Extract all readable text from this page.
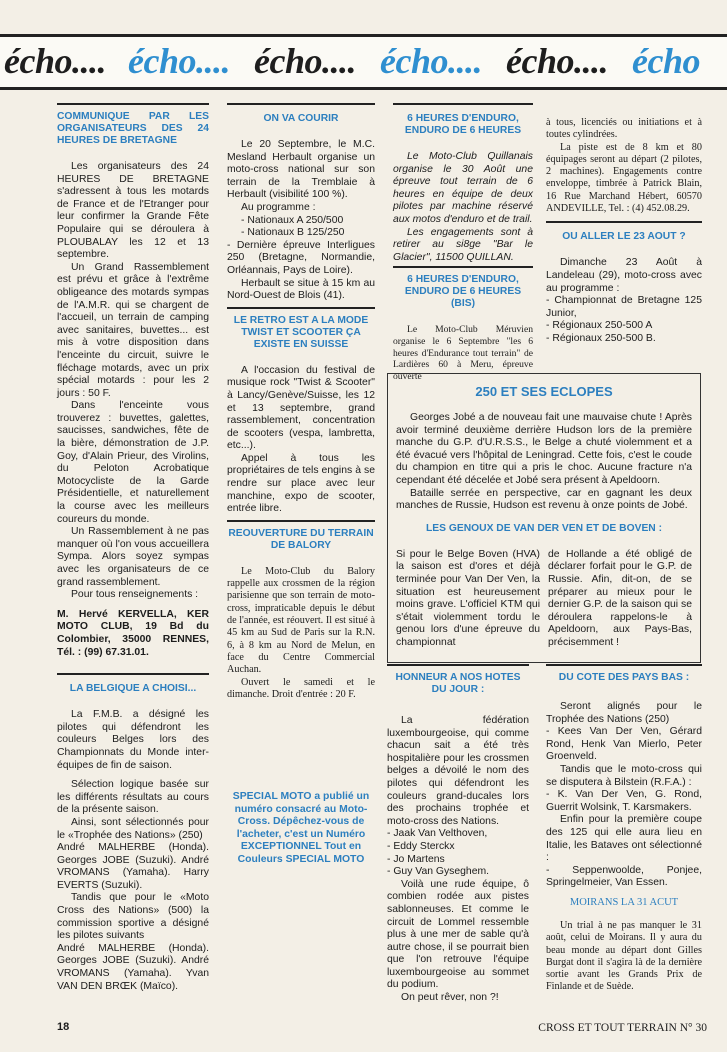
écho.... écho.... écho.... écho.... écho.... écho
COMMUNIQUE PAR LES ORGANISATEURS DES 24 HEURES DE BRETAGNE

Les organisateurs des 24 HEURES DE BRETAGNE s'adressent à tous les motards de France et de l'Etranger pour leur confirmer la Grande Fête Populaire qui se déroulera à PLOUBALAY les 12 et 13 septembre.

Un Grand Rassemblement est prévu et grâce à l'extrême obligeance des motards sympas de l'A.M.R. qui se chargent de l'accueil, un terrain de camping avec sanitaires, buvettes... est mis à votre disposition dans l'enceinte du circuit, suivre le fléchage motards, avec un prix spécial motards : pour les 2 jours : 50 F.

Dans l'enceinte vous trouverez : buvettes, galettes, saucisses, sandwiches, fête de la bière, démonstration de J.P. Goy, d'Alain Prieur, des Virolins, du Peloton Acrobatique Motocycliste de la Garde Présidentielle, et naturellement la course avec les meilleurs coureurs du monde.

Un Rassemblement à ne pas manquer où l'on vous accueillera Sympa. Alors soyez sympas avec les organisateurs de ce grand rassemblement.

Pour tous renseignements :

M. Hervé KERVELLA, KER MOTO CLUB, 19 Bd du Colombier, 35000 RENNES, Tél. : (99) 67.31.01.

LA BELGIQUE A CHOISI...

La F.M.B. a désigné les pilotes qui défendront les couleurs Belges lors des Championnats du Monde inter-équipes de fin de saison.

Sélection logique basée sur les différents résultats au cours de la présente saison.

Ainsi, sont sélectionnés pour le «Trophée des Nations» (250)

André MALHERBE (Honda). Georges JOBE (Suzuki). André VROMANS (Yamaha). Harry EVERTS (Suzuki).

Tandis que pour le «Moto Cross des Nations» (500) la commission sportive a désigné les pilotes suivants

André MALHERBE (Honda). Georges JOBE (Suzuki). André VROMANS (Yamaha). Yvan VAN DEN BRŒK (Maïco).

ON VA COURIR

Le 20 Septembre, le M.C. Mesland Herbault organise un moto-cross national sur son terrain de la Tremblaie à Herbault (visibilité 100 %).

Au programme :

- Nationaux A 250/500

- Nationaux B 125/250

- Dernière épreuve Interligues 250 (Bretagne, Normandie, Orléannais, Pays de Loire).

Herbault se situe à 15 km au Nord-Ouest de Blois (41).

LE RETRO EST A LA MODE TWIST ET SCOOTER ÇA EXISTE EN SUISSE

A l'occasion du festival de musique rock "Twist & Scooter" à Lancy/Genève/Suisse, les 12 et 13 septembre, grand rassemblement, concentration de scooters (vespa, lambretta, etc...).

Appel à tous les propriétaires de tels engins à se rendre sur place avec leur manchine, expo de scooter, entrée libre.

REOUVERTURE DU TERRAIN DE BALORY

Le Moto-Club du Balory rappelle aux crossmen de la région parisienne que son terrain de moto-cross, impraticable depuis le début de l'année, est réouvert. Il est situé à 45 km au Sud de Paris sur la R.N. 6, à 8 km au Nord de Melun, en face du Centre Commercial Auchan.

Ouvert le samedi et le dimanche. Droit d'entrée : 20 F.

SPECIAL MOTO a publié un numéro consacré au Moto-Cross. Dépêchez-vous de l'acheter, c'est un Numéro EXCEPTIONNEL Tout en Couleurs SPECIAL MOTO
6 HEURES D'ENDURO, ENDURO DE 6 HEURES

Le Moto-Club Quillanais organise le 30 Août une épreuve tout terrain de 6 heures en équipe de deux pilotes par machine réservé aux motos d'enduro et de trail.

Les engagements sont à retirer au si8ge "Bar le Glacier", 11500 QUILLAN.

6 HEURES D'ENDURO, ENDURO DE 6 HEURES (BIS)

Le Moto-Club Méruvien organise le 6 Septembre "les 6 heures d'Endurance tout terrain" de Lardières 60 à Meru, épreuve ouverte

à tous, licenciés ou initiations et à toutes cylindrées.

La piste est de 8 km et 80 équipages seront au départ (2 pilotes, 2 machines). Engagements contre enveloppe, timbrée à Patrick Blain, 16 Rue Marchand Hébert, 60570 ANDEVILLE, Tel. : (4) 452.08.29.

OU ALLER LE 23 AOUT ?

Dimanche 23 Août à Landeleau (29), moto-cross avec au programme :

- Championnat de Bretagne 125 Junior,

- Régionaux 250-500 A

- Régionaux 250-500 B.

250 ET SES ECLOPES

Georges Jobé a de nouveau fait une mauvaise chute ! Après avoir terminé deuxième derrière Hudson lors de la première manche du G.P. d'U.R.S.S., le Belge a chuté violemment et a été évacué vers l'hôpital de Leningrad. Cette fois, c'est le coude du champion en titre qui a pris le choc. Aucune fracture n'a cependant été décelée et Jobé sera présent à Apeldoorn.

Bataille serrée en perspective, car en gagnant les deux manches de Russie, Hudson est revenu à onze points de Jobé.

LES GENOUX DE VAN DER VEN ET DE BOVEN :

Si pour le Belge Boven (HVA) la saison est d'ores et déjà terminée pour Van Der Ven, la situation est heureusement moins grave. L'officiel KTM qui s'était violemment tordu le genou lors d'une épreuve du championnat

de Hollande a été obligé de déclarer forfait pour le G.P. de Russie. Afin, dit-on, de se préparer au mieux pour le dernier G.P. de la saison qui se déroulera rappelons-le à Apeldoorn, aux Pays-Bas, précisemment !

HONNEUR A NOS HOTES DU JOUR :

La fédération luxembourgeoise, qui comme chacun sait a été très hospitalière pour les crossmen belges a dévoilé le nom des pilotes qui défendront les couleurs grand-ducales lors des prochains trophée et moto-cross des Nations.

- Jaak Van Velthoven,

- Eddy Sterckx

- Jo Martens

- Guy Van Gyseghem.

Voilà une rude équipe, ô combien rodée aux pistes sablonneuses. Et comme le circuit de Lommel ressemble plus à une mer de sable qu'à autre chose, il se pourrait bien que l'on retrouve l'équipe luxembourgeoise au sommet du podium.

On peut rêver, non ?!

DU COTE DES PAYS BAS :

Seront alignés pour le Trophée des Nations (250)

- Kees Van Der Ven, Gérard Rond, Henk Van Mierlo, Peter Groenveld.

Tandis que le moto-cross qui se disputera à Bilstein (R.F.A.) :

- K. Van Der Ven, G. Rond, Guerrit Wolsink, T. Karsmakers.

Enfin pour la première coupe des 125 qui elle aura lieu en Italie, les Bataves ont sélectionné :

- Seppenwoolde, Ponjee, Springelmeier, Van Essen.

MOIRANS LA 31 ACUT

Un trial à ne pas manquer le 31 août, celui de Moirans. Il y aura du beau monde au départ dont Gilles Burgat dont il s'agira là de la dernière sortie avant les Grands Prix de Finlande et de Suède.

18	CROSS ET TOUT TERRAIN N° 30
